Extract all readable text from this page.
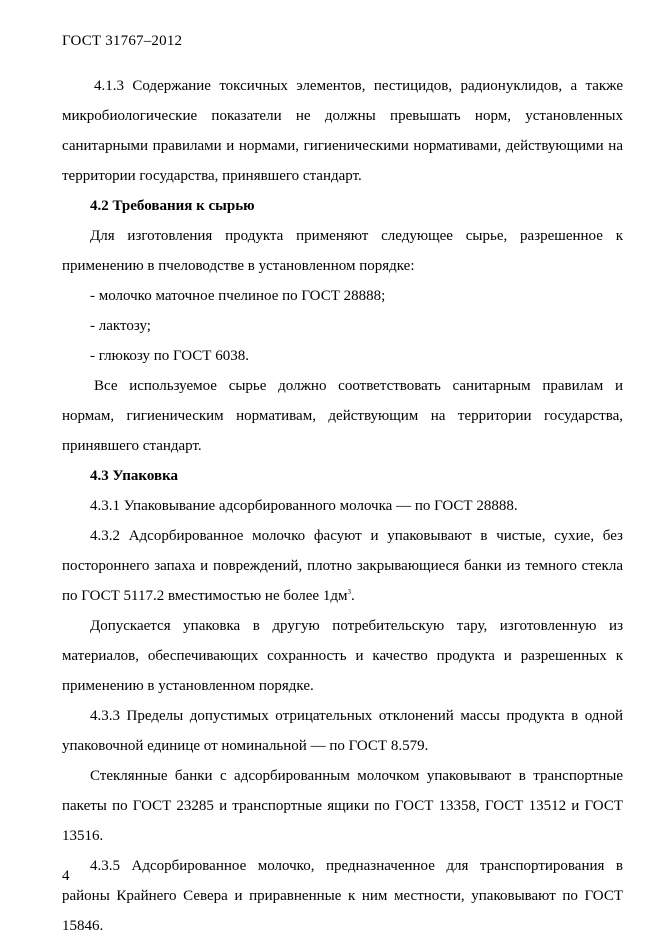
ГОСТ 31767–2012

4.1.3 Содержание токсичных элементов, пестицидов, радионуклидов, а также микробиологические показатели не должны превышать норм, установленных санитарными правилами и нормами, гигиеническими нормативами, действующими на территории государства, принявшего стандарт.

4.2 Требования к сырью

Для изготовления продукта применяют следующее сырье, разрешенное к применению в пчеловодстве в установленном порядке:

- молочко маточное пчелиное по ГОСТ 28888;

- лактозу;

- глюкозу по ГОСТ 6038.

Все используемое сырье должно соответствовать санитарным правилам и нормам, гигиеническим нормативам, действующим на территории государства, принявшего стандарт.

4.3 Упаковка

4.3.1 Упаковывание адсорбированного молочка — по ГОСТ 28888.

4.3.2 Адсорбированное молочко фасуют и упаковывают в чистые, сухие, без постороннего запаха и повреждений, плотно закрывающиеся банки из темного стекла по ГОСТ 5117.2 вместимостью не более $1дм^3$.

Допускается упаковка в другую потребительскую тару, изготовленную из материалов, обеспечивающих сохранность и качество продукта и разрешенных к применению в установленном порядке.

4.3.3 Пределы допустимых отрицательных отклонений массы продукта в одной упаковочной единице от номинальной — по ГОСТ 8.579.

Стеклянные банки с адсорбированным молочком упаковывают в транспортные пакеты по ГОСТ 23285 и транспортные ящики по ГОСТ 13358, ГОСТ 13512 и ГОСТ 13516.

4.3.5 Адсорбированное молочко, предназначенное для транспортирования в районы Крайнего Севера и приравненные к ним местности, упаковывают по ГОСТ 15846.

4
